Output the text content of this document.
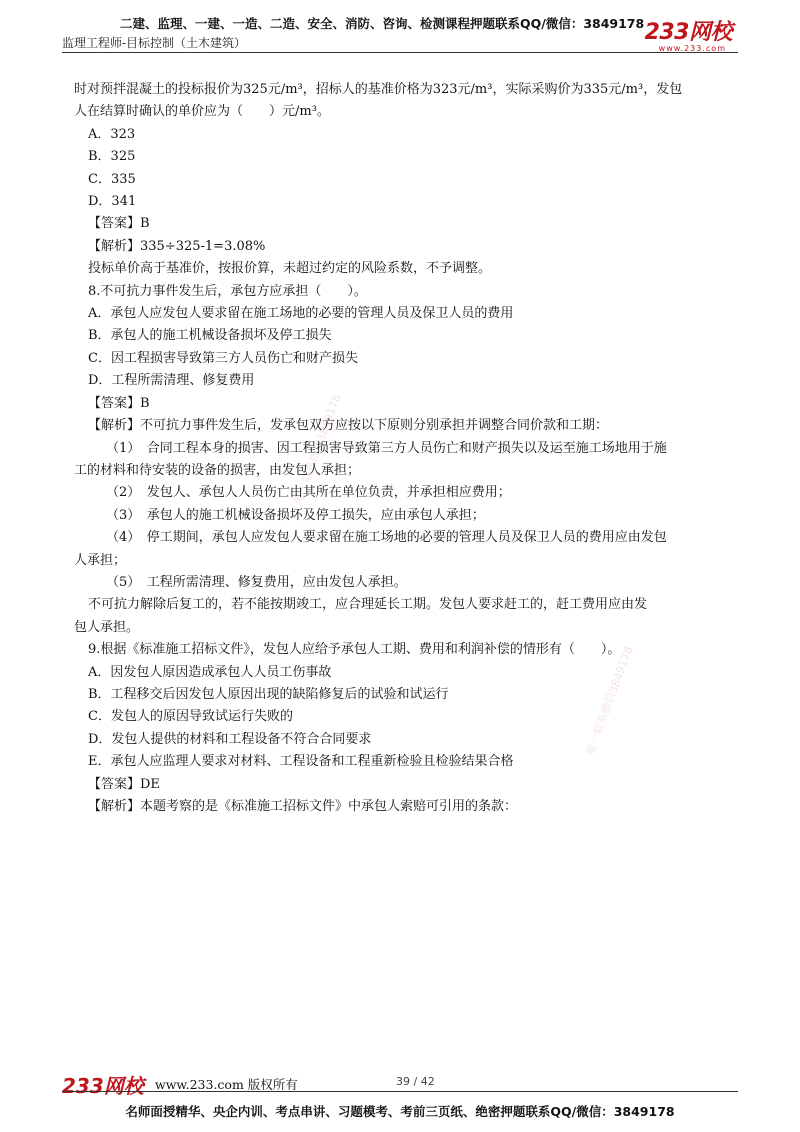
二建、监理、一建、一造、二造、安全、消防、咨询、检测课程押题联系QQ/微信：3849178
监理工程师-目标控制（土木建筑）	233网校
www.233.com
唯一联系微信3849178
唯一联系微信3849178

时对预拌混凝土的投标报价为325元/m³，招标人的基准价格为323元/m³，实际采购价为335元/m³，发包

人在结算时确认的单价应为（　　）元/m³。

A．323

B．325

C．335

D．341

【答案】B

【解析】335÷325-1=3.08%

投标单价高于基准价，按报价算，未超过约定的风险系数，不予调整。

8.不可抗力事件发生后，承包方应承担（　　）。

A．承包人应发包人要求留在施工场地的必要的管理人员及保卫人员的费用

B．承包人的施工机械设备损坏及停工损失

C．因工程损害导致第三方人员伤亡和财产损失

D．工程所需清理、修复费用

【答案】B

【解析】不可抗力事件发生后，发承包双方应按以下原则分别承担并调整合同价款和工期：

（1）　合同工程本身的损害、因工程损害导致第三方人员伤亡和财产损失以及运至施工场地用于施

工的材料和待安装的设备的损害，由发包人承担；

（2）　发包人、承包人人员伤亡由其所在单位负责，并承担相应费用；

（3）　承包人的施工机械设备损坏及停工损失，应由承包人承担；

（4）　停工期间，承包人应发包人要求留在施工场地的必要的管理人员及保卫人员的费用应由发包

人承担；

（5）　工程所需清理、修复费用，应由发包人承担。

不可抗力解除后复工的，若不能按期竣工，应合理延长工期。发包人要求赶工的，赶工费用应由发

包人承担。

9.根据《标准施工招标文件》，发包人应给予承包人工期、费用和利润补偿的情形有（　　）。

A．因发包人原因造成承包人人员工伤事故

B．工程移交后因发包人原因出现的缺陷修复后的试验和试运行

C．发包人的原因导致试运行失败的

D．发包人提供的材料和工程设备不符合合同要求

E．承包人应监理人要求对材料、工程设备和工程重新检验且检验结果合格

【答案】DE

【解析】本题考察的是《标准施工招标文件》中承包人索赔可引用的条款：

233网校 www.233.com 版权所有	39 / 42
名师面授精华、央企内训、考点串讲、习题模考、考前三页纸、绝密押题联系QQ/微信：3849178
